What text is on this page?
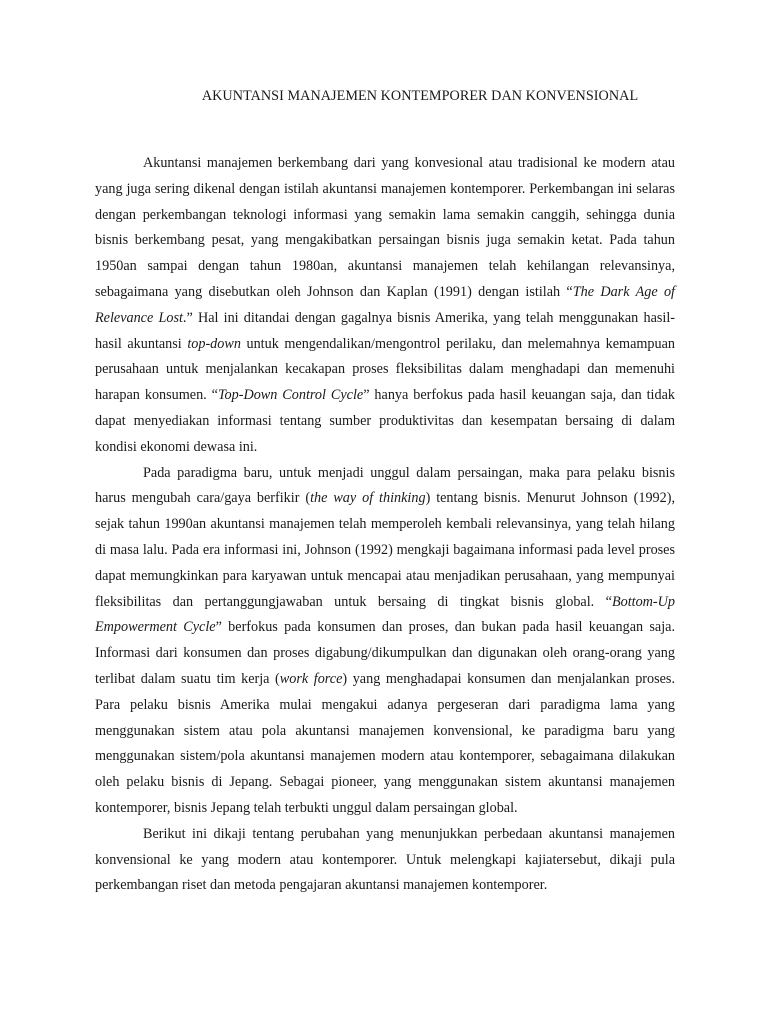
AKUNTANSI MANAJEMEN KONTEMPORER DAN KONVENSIONAL

Akuntansi manajemen berkembang dari yang konvesional atau tradisional ke modern atau yang juga sering dikenal dengan istilah akuntansi manajemen kontemporer. Perkembangan ini selaras dengan perkembangan teknologi informasi yang semakin lama semakin canggih, sehingga dunia bisnis berkembang pesat, yang mengakibatkan persaingan bisnis juga semakin ketat. Pada tahun 1950an sampai dengan tahun 1980an, akuntansi manajemen telah kehilangan relevansinya, sebagaimana yang disebutkan oleh Johnson dan Kaplan (1991) dengan istilah “The Dark Age of Relevance Lost.” Hal ini ditandai dengan gagalnya bisnis Amerika, yang telah menggunakan hasil-hasil akuntansi top-down untuk mengendalikan/mengontrol perilaku, dan melemahnya kemampuan perusahaan untuk menjalankan kecakapan proses fleksibilitas dalam menghadapi dan memenuhi harapan konsumen. “Top-Down Control Cycle” hanya berfokus pada hasil keuangan saja, dan tidak dapat menyediakan informasi tentang sumber produktivitas dan kesempatan bersaing di dalam kondisi ekonomi dewasa ini.

Pada paradigma baru, untuk menjadi unggul dalam persaingan, maka para pelaku bisnis harus mengubah cara/gaya berfikir (the way of thinking) tentang bisnis. Menurut Johnson (1992), sejak tahun 1990an akuntansi manajemen telah memperoleh kembali relevansinya, yang telah hilang di masa lalu. Pada era informasi ini, Johnson (1992) mengkaji bagaimana informasi pada level proses dapat memungkinkan para karyawan untuk mencapai atau menjadikan perusahaan, yang mempunyai fleksibilitas dan pertanggungjawaban untuk bersaing di tingkat bisnis global. “Bottom-Up Empowerment Cycle” berfokus pada konsumen dan proses, dan bukan pada hasil keuangan saja. Informasi dari konsumen dan proses digabung/dikumpulkan dan digunakan oleh orang-orang yang terlibat dalam suatu tim kerja (work force) yang menghadapai konsumen dan menjalankan proses. Para pelaku bisnis Amerika mulai mengakui adanya pergeseran dari paradigma lama yang menggunakan sistem atau pola akuntansi manajemen konvensional, ke paradigma baru yang menggunakan sistem/pola akuntansi manajemen modern atau kontemporer, sebagaimana dilakukan oleh pelaku bisnis di Jepang. Sebagai pioneer, yang menggunakan sistem akuntansi manajemen kontemporer, bisnis Jepang telah terbukti unggul dalam persaingan global.

Berikut ini dikaji tentang perubahan yang menunjukkan perbedaan akuntansi manajemen konvensional ke yang modern atau kontemporer. Untuk melengkapi kajiatersebut, dikaji pula perkembangan riset dan metoda pengajaran akuntansi manajemen kontemporer.
